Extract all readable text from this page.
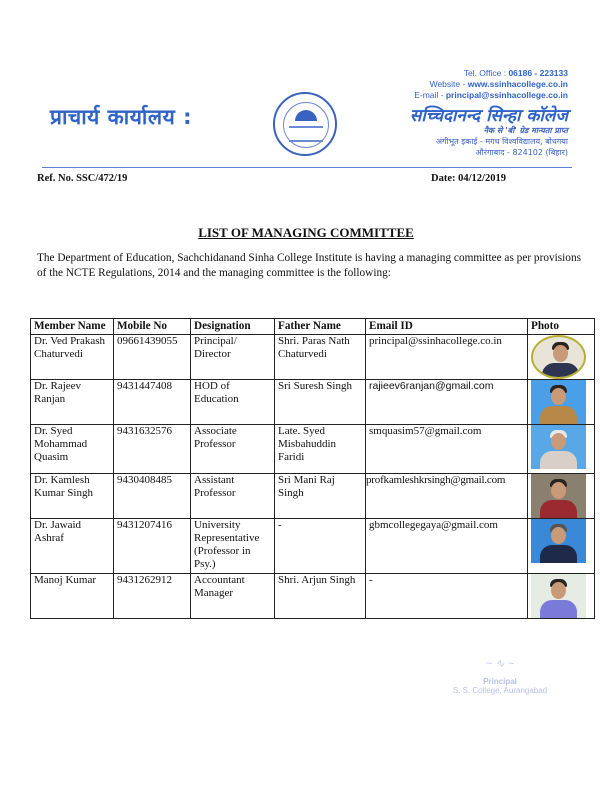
प्राचार्य कार्यालय :
Tel. Office : 06186 - 223133
Website - www.ssinhacollege.co.in
E-mail - principal@ssinhacollege.co.in
सच्चिदानन्द सिन्हा कॉलेज
नैक से 'बी' ग्रेड मान्यता प्राप्त
अंगीभूत इकाई - मगध विश्वविद्यालय, बोधगया
औरंगाबाद - 824102 (बिहार)
Ref. No. SSC/472/19	Date: 04/12/2019
LIST OF MANAGING COMMITTEE
The Department of Education, Sachchidanand Sinha College Institute is having a managing committee as per provisions of the NCTE Regulations, 2014 and the managing committee is the following:
Member Name	Mobile No	Designation	Father Name	Email ID	Photo
Dr. Ved Prakash Chaturvedi	09661439055	Principal/ Director	Shri. Paras Nath Chaturvedi	principal@ssinhacollege.co.in	

Dr. Rajeev Ranjan	9431447408	HOD of Education	Sri Suresh Singh	rajieev6ranjan@gmail.com	

Dr. Syed Mohammad Quasim	9431632576	Associate Professor	Late. Syed Misbahuddin Faridi	smquasim57@gmail.com	

Dr. Kamlesh Kumar Singh	9430408485	Assistant Professor	Sri Mani Raj Singh	profkamleshkrsingh@gmail.com	

Dr. Jawaid Ashraf	9431207416	University Representative (Professor in Psy.)	-	gbmcollegegaya@gmail.com	

Manoj Kumar	9431262912	Accountant Manager	Shri. Arjun Singh	-	
~ ∿ ~
Principal
S. S. College, Aurangabad
